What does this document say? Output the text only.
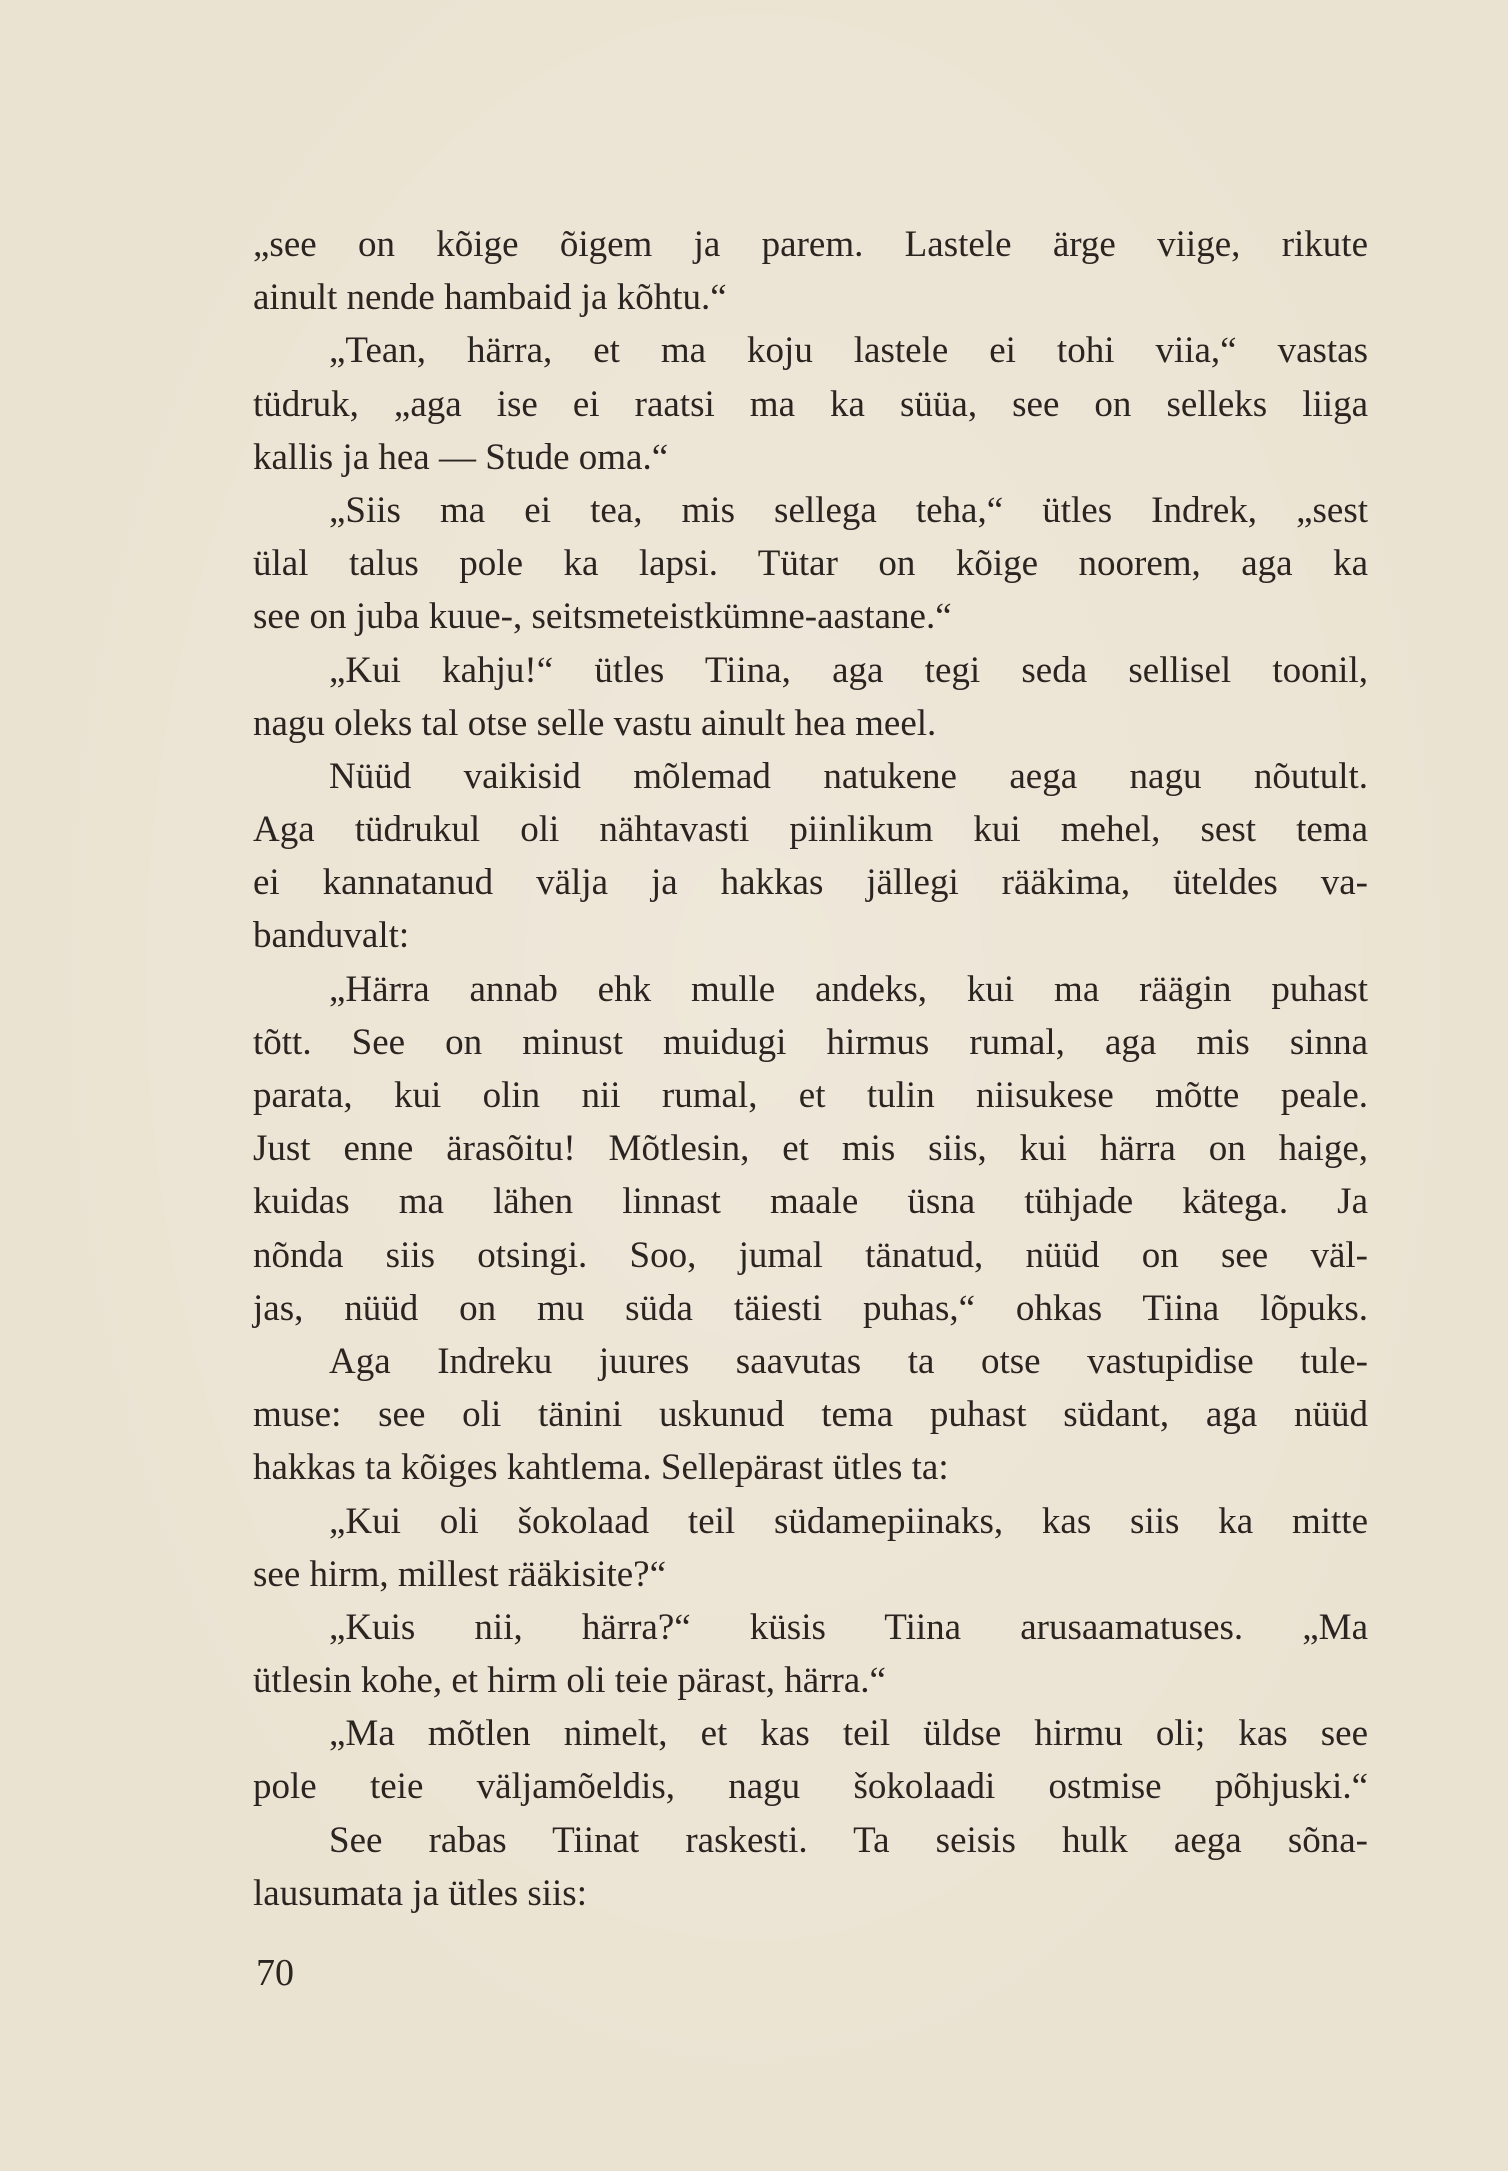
„see on kõige õigem ja parem. Lastele ärge viige, rikute
ainult nende hambaid ja kõhtu.“
„Tean, härra, et ma koju lastele ei tohi viia,“ vastas
tüdruk, „aga ise ei raatsi ma ka süüa, see on selleks liiga
kallis ja hea — Stude oma.“
„Siis ma ei tea, mis sellega teha,“ ütles Indrek, „sest
ülal talus pole ka lapsi. Tütar on kõige noorem, aga ka
see on juba kuue-, seitsmeteistkümne-aastane.“
„Kui kahju!“ ütles Tiina, aga tegi seda sellisel toonil,
nagu oleks tal otse selle vastu ainult hea meel.
Nüüd vaikisid mõlemad natukene aega nagu nõutult.
Aga tüdrukul oli nähtavasti piinlikum kui mehel, sest tema
ei kannatanud välja ja hakkas jällegi rääkima, üteldes va-
banduvalt:
„Härra annab ehk mulle andeks, kui ma räägin puhast
tõtt. See on minust muidugi hirmus rumal, aga mis sinna
parata, kui olin nii rumal, et tulin niisukese mõtte peale.
Just enne ärasõitu! Mõtlesin, et mis siis, kui härra on haige,
kuidas ma lähen linnast maale üsna tühjade kätega. Ja
nõnda siis otsingi. Soo, jumal tänatud, nüüd on see väl-
jas, nüüd on mu süda täiesti puhas,“ ohkas Tiina lõpuks.
Aga Indreku juures saavutas ta otse vastupidise tule-
muse: see oli tänini uskunud tema puhast südant, aga nüüd
hakkas ta kõiges kahtlema. Sellepärast ütles ta:
„Kui oli šokolaad teil südamepiinaks, kas siis ka mitte
see hirm, millest rääkisite?“
„Kuis nii, härra?“ küsis Tiina arusaamatuses. „Ma
ütlesin kohe, et hirm oli teie pärast, härra.“
„Ma mõtlen nimelt, et kas teil üldse hirmu oli; kas see
pole teie väljamõeldis, nagu šokolaadi ostmise põhjuski.“
See rabas Tiinat raskesti. Ta seisis hulk aega sõna-
lausumata ja ütles siis:
70
